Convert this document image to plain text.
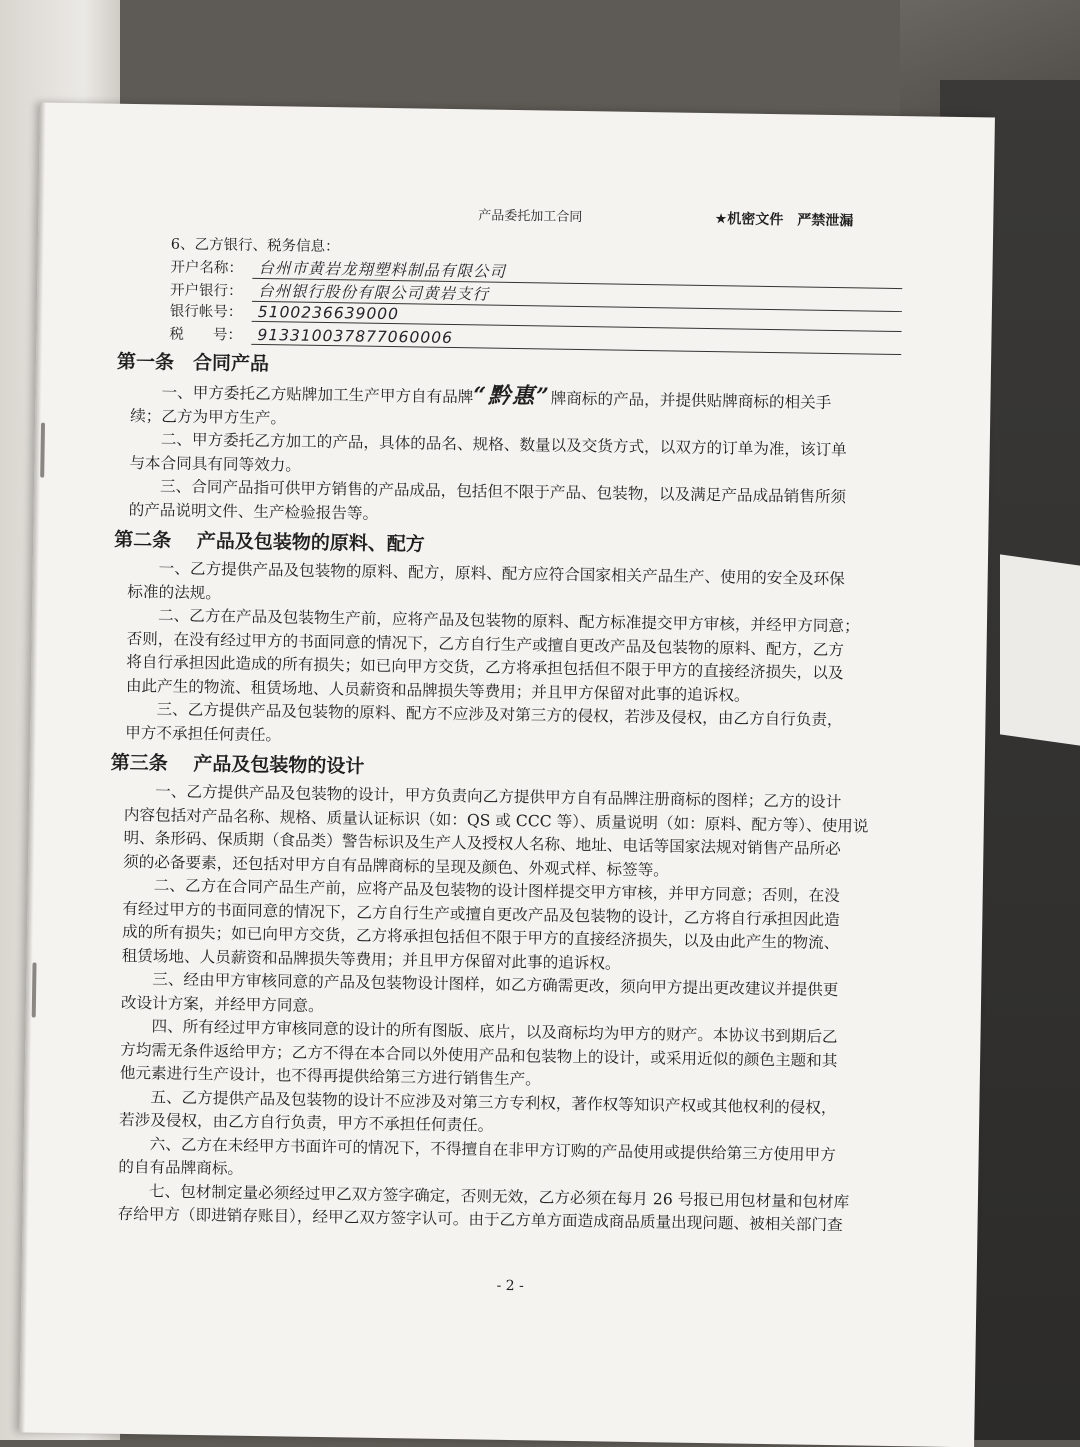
产品委托加工合同	★机密文件　严禁泄漏
6、乙方银行、税务信息：
开户名称： 台州市黄岩龙翔塑料制品有限公司
开户银行： 台州银行股份有限公司黄岩支行
银行帐号： 5100236639000
税　　号： 913310037877060006
第一条　合同产品
一、甲方委托乙方贴牌加工生产甲方自有品牌“黔惠”牌商标的产品，并提供贴牌商标的相关手
续；乙方为甲方生产。
二、甲方委托乙方加工的产品，具体的品名、规格、数量以及交货方式，以双方的订单为准，该订单
与本合同具有同等效力。
三、合同产品指可供甲方销售的产品成品，包括但不限于产品、包装物，以及满足产品成品销售所须
的产品说明文件、生产检验报告等。
第二条　 产品及包装物的原料、配方
一、乙方提供产品及包装物的原料、配方，原料、配方应符合国家相关产品生产、使用的安全及环保
标准的法规。
二、乙方在产品及包装物生产前，应将产品及包装物的原料、配方标准提交甲方审核，并经甲方同意；
否则，在没有经过甲方的书面同意的情况下，乙方自行生产或擅自更改产品及包装物的原料、配方，乙方
将自行承担因此造成的所有损失；如已向甲方交货，乙方将承担包括但不限于甲方的直接经济损失，以及
由此产生的物流、租赁场地、人员薪资和品牌损失等费用；并且甲方保留对此事的追诉权。
三、乙方提供产品及包装物的原料、配方不应涉及对第三方的侵权，若涉及侵权，由乙方自行负责，
甲方不承担任何责任。
第三条　 产品及包装物的设计
一、乙方提供产品及包装物的设计，甲方负责向乙方提供甲方自有品牌注册商标的图样；乙方的设计
内容包括对产品名称、规格、质量认证标识（如：QS 或 CCC 等）、质量说明（如：原料、配方等）、使用说
明、条形码、保质期（食品类）警告标识及生产人及授权人名称、地址、电话等国家法规对销售产品所必
须的必备要素，还包括对甲方自有品牌商标的呈现及颜色、外观式样、标签等。
二、乙方在合同产品生产前，应将产品及包装物的设计图样提交甲方审核，并甲方同意；否则，在没
有经过甲方的书面同意的情况下，乙方自行生产或擅自更改产品及包装物的设计，乙方将自行承担因此造
成的所有损失；如已向甲方交货，乙方将承担包括但不限于甲方的直接经济损失，以及由此产生的物流、
租赁场地、人员薪资和品牌损失等费用；并且甲方保留对此事的追诉权。
三、经由甲方审核同意的产品及包装物设计图样，如乙方确需更改，须向甲方提出更改建议并提供更
改设计方案，并经甲方同意。
四、所有经过甲方审核同意的设计的所有图版、底片，以及商标均为甲方的财产。本协议书到期后乙
方均需无条件返给甲方；乙方不得在本合同以外使用产品和包装物上的设计，或采用近似的颜色主题和其
他元素进行生产设计，也不得再提供给第三方进行销售生产。
五、乙方提供产品及包装物的设计不应涉及对第三方专利权，著作权等知识产权或其他权利的侵权，
若涉及侵权，由乙方自行负责，甲方不承担任何责任。
六、乙方在未经甲方书面许可的情况下，不得擅自在非甲方订购的产品使用或提供给第三方使用甲方
的自有品牌商标。
七、包材制定量必须经过甲乙双方签字确定，否则无效，乙方必须在每月 26 号报已用包材量和包材库
存给甲方（即进销存账目），经甲乙双方签字认可。由于乙方单方面造成商品质量出现问题、被相关部门查
- 2 -
